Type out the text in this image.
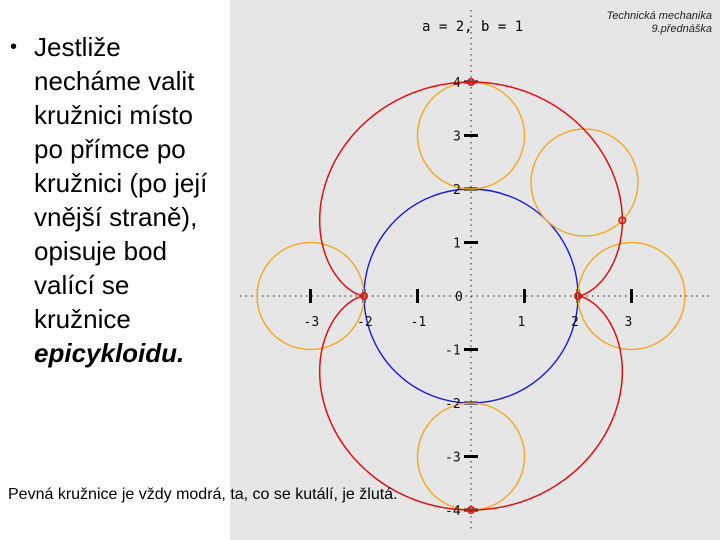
-3	-2	-1
0
1	2	3
4
3
2
1
-1
-2
-3
-4
a = 2, b = 1
Technická mechanika
9.přednáška
• Jestliže
necháme valit
kružnici místo
po přímce po
kružnici (po její
vnější straně),
opisuje bod
valící se
kružnice
epicykloidu.
Pevná kružnice je vždy modrá, ta, co se kutálí, je žlutá.
